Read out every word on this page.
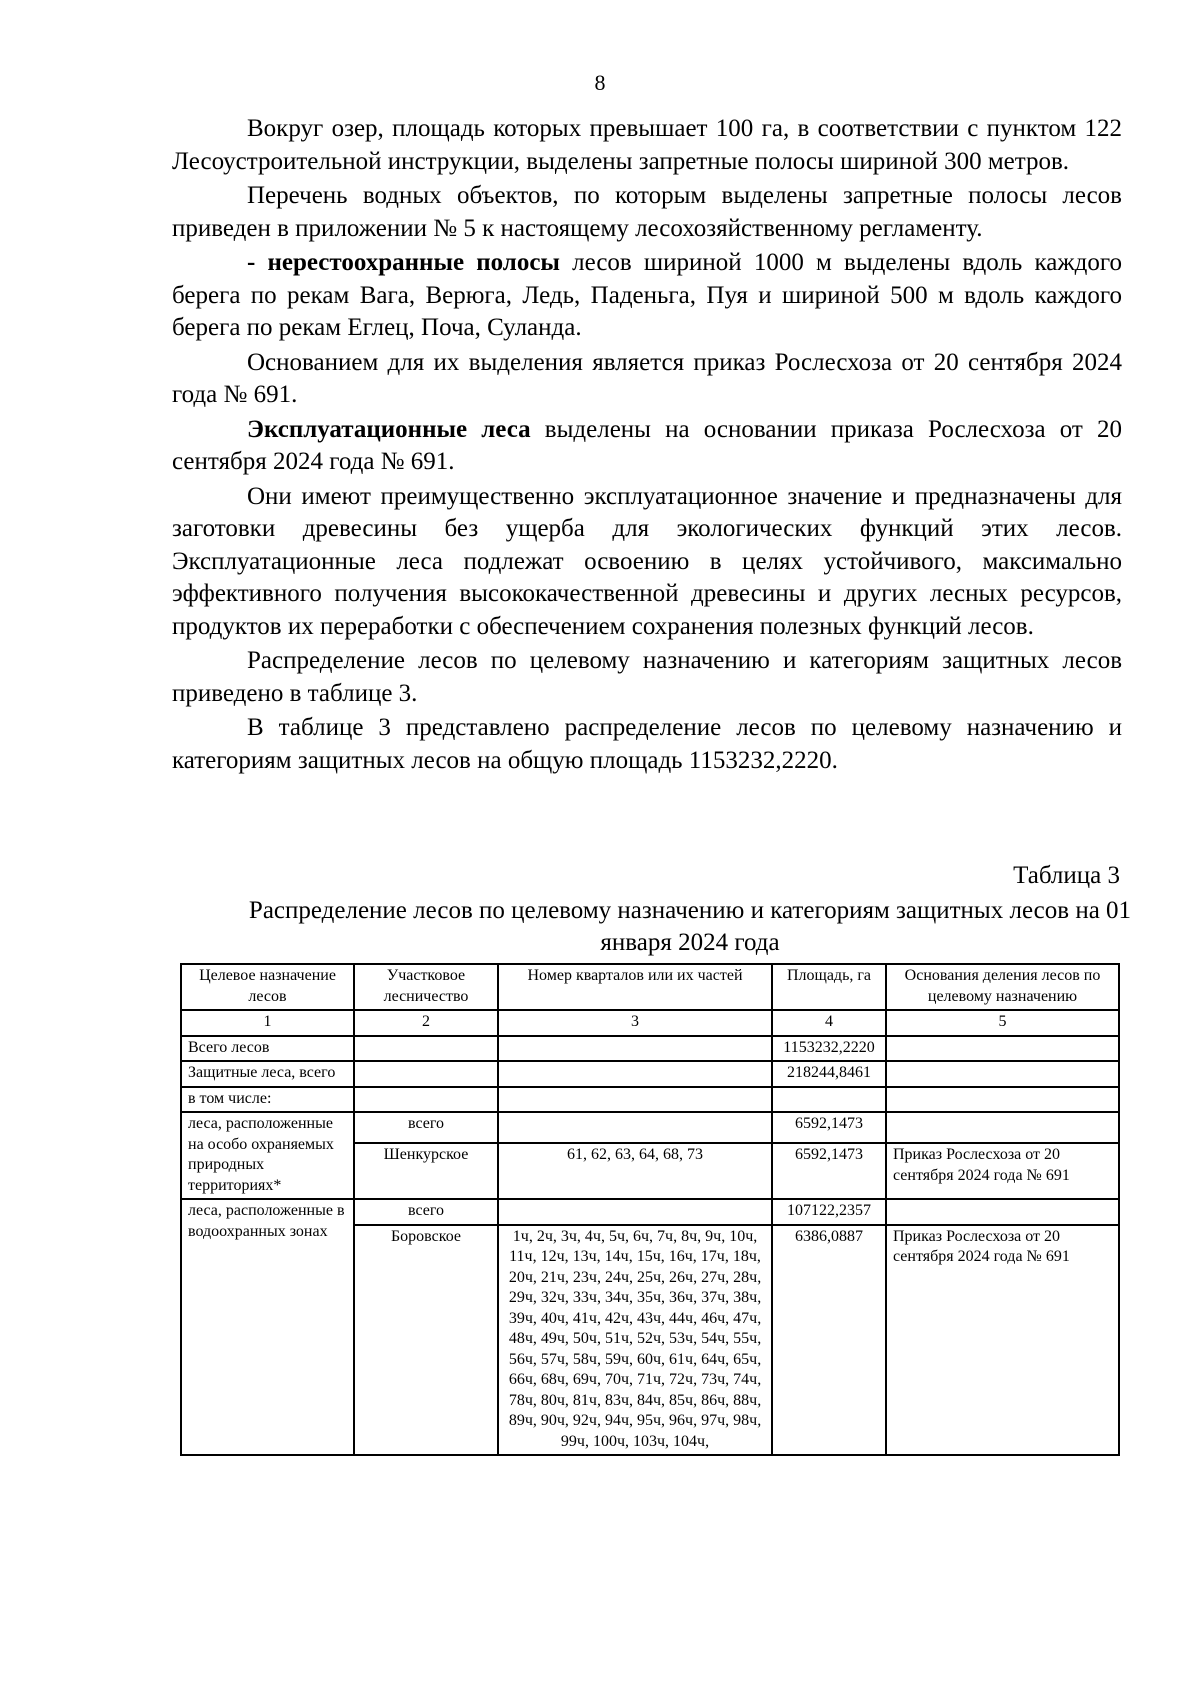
8

Вокруг озер, площадь которых превышает 100 га, в соответствии с пунктом 122 Лесоустроительной инструкции, выделены запретные полосы шириной 300 метров.

Перечень водных объектов, по которым выделены запретные полосы лесов приведен в приложении № 5 к настоящему лесохозяйственному регламенту.

- нерестоохранные полосы лесов шириной 1000 м выделены вдоль каждого берега по рекам Вага, Верюга, Ледь, Паденьга, Пуя и шириной 500 м вдоль каждого берега по рекам Еглец, Поча, Суланда.

Основанием для их выделения является приказ Рослесхоза от 20 сентября 2024 года № 691.

Эксплуатационные леса выделены на основании приказа Рослесхоза от 20 сентября 2024 года № 691.

Они имеют преимущественно эксплуатационное значение и предназначены для заготовки древесины без ущерба для экологических функций этих лесов. Эксплуатационные леса подлежат освоению в целях устойчивого, максимально эффективного получения высококачественной древесины и других лесных ресурсов, продуктов их переработки с обеспечением сохранения полезных функций лесов.

Распределение лесов по целевому назначению и категориям защитных лесов приведено в таблице 3.

В таблице 3 представлено распределение лесов по целевому назначению и категориям защитных лесов на общую площадь 1153232,2220.

Таблица 3
Распределение лесов по целевому назначению и категориям защитных лесов на 01 января 2024 года
Целевое назначение лесов	Участковое лесничество	Номер кварталов или их частей	Площадь, га	Основания деления лесов по целевому назначению
1	2	3	4	5
Всего лесов			1153232,2220	
Защитные леса, всего			218244,8461	
в том числе:				
леса, расположенные на особо охраняемых природных территориях*	всего		6592,1473	
	Шенкурское	61, 62, 63, 64, 68, 73	6592,1473	Приказ Рослесхоза от 20 сентября 2024 года № 691
леса, расположенные в водоохранных зонах	всего		107122,2357	
	Боровское	1ч, 2ч, 3ч, 4ч, 5ч, 6ч, 7ч, 8ч, 9ч, 10ч, 11ч, 12ч, 13ч, 14ч, 15ч, 16ч, 17ч, 18ч, 20ч, 21ч, 23ч, 24ч, 25ч, 26ч, 27ч, 28ч, 29ч, 32ч, 33ч, 34ч, 35ч, 36ч, 37ч, 38ч, 39ч, 40ч, 41ч, 42ч, 43ч, 44ч, 46ч, 47ч, 48ч, 49ч, 50ч, 51ч, 52ч, 53ч, 54ч, 55ч, 56ч, 57ч, 58ч, 59ч, 60ч, 61ч, 64ч, 65ч, 66ч, 68ч, 69ч, 70ч, 71ч, 72ч, 73ч, 74ч, 78ч, 80ч, 81ч, 83ч, 84ч, 85ч, 86ч, 88ч, 89ч, 90ч, 92ч, 94ч, 95ч, 96ч, 97ч, 98ч, 99ч, 100ч, 103ч, 104ч,	6386,0887	Приказ Рослесхоза от 20 сентября 2024 года № 691
